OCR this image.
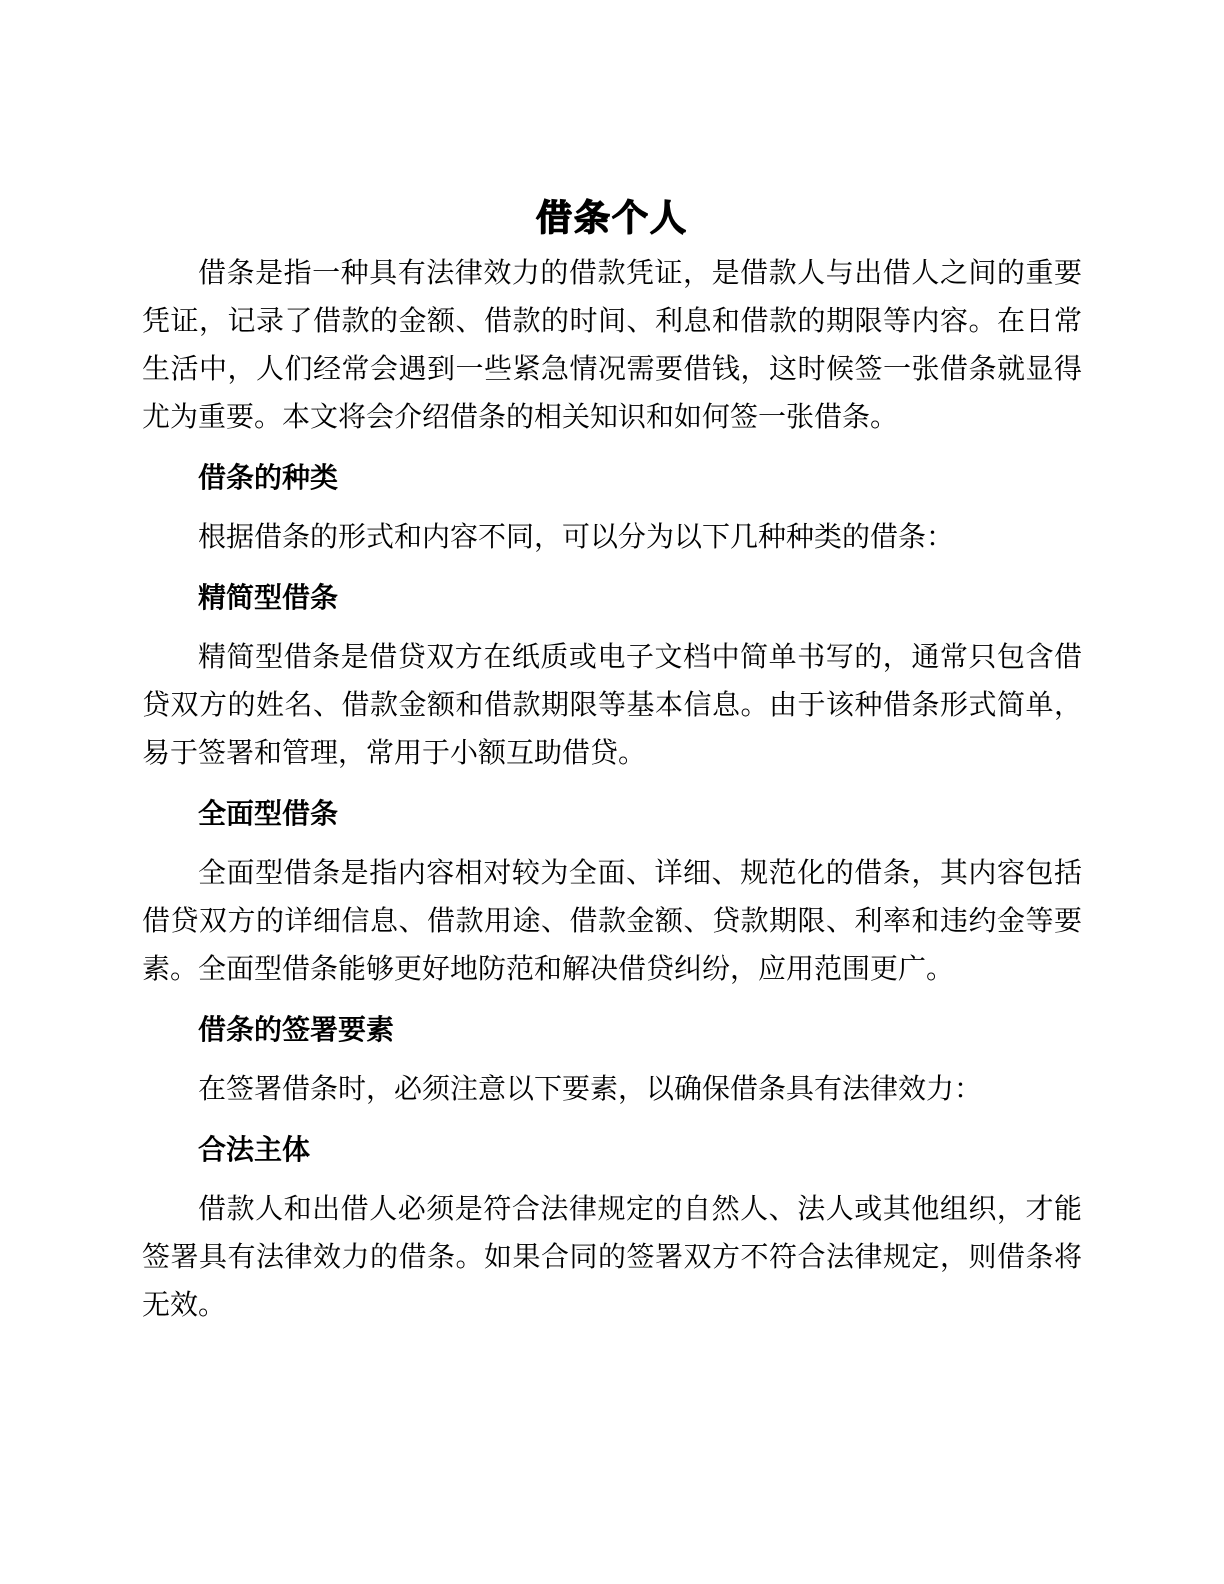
借条个人

借条是指一种具有法律效力的借款凭证，是借款人与出借人之间的重要
凭证，记录了借款的金额、借款的时间、利息和借款的期限等内容。在日常
生活中，人们经常会遇到一些紧急情况需要借钱，这时候签一张借条就显得
尤为重要。本文将会介绍借条的相关知识和如何签一张借条。

借条的种类

根据借条的形式和内容不同，可以分为以下几种种类的借条：

精简型借条

精简型借条是借贷双方在纸质或电子文档中简单书写的，通常只包含借
贷双方的姓名、借款金额和借款期限等基本信息。由于该种借条形式简单，
易于签署和管理，常用于小额互助借贷。

全面型借条

全面型借条是指内容相对较为全面、详细、规范化的借条，其内容包括
借贷双方的详细信息、借款用途、借款金额、贷款期限、利率和违约金等要
素。全面型借条能够更好地防范和解决借贷纠纷，应用范围更广。

借条的签署要素

在签署借条时，必须注意以下要素，以确保借条具有法律效力：

合法主体

借款人和出借人必须是符合法律规定的自然人、法人或其他组织，才能
签署具有法律效力的借条。如果合同的签署双方不符合法律规定，则借条将
无效。
